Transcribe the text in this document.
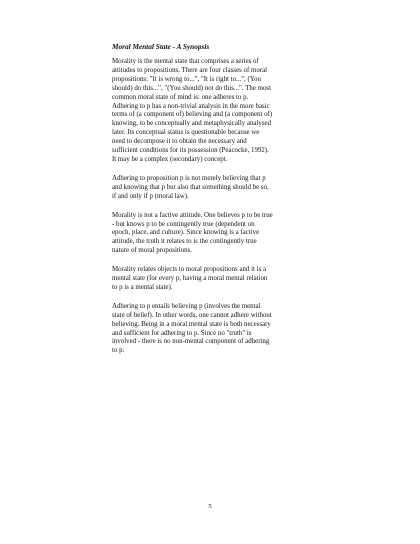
Moral Mental State - A Synopsis

Morality is the mental state that comprises a series of
attitudes to propositions. There are four classes of moral
propositions: "It is wrong to...", "It is right to...", (You
should) do this...", "(You should) not do this...". The most
common moral state of mind is: one adheres to p.
Adhering to p has a non-trivial analysis in the more basic
terms of (a component of) believing and (a component of)
knowing, to be conceptually and metaphysically analysed
later. Its conceptual status is questionable because we
need to decompose it to obtain the necessary and
sufficient conditions for its possession (Peacocke, 1992).
It may be a complex (secondary) concept.

Adhering to proposition p is not merely believing that p
and knowing that p but also that something should be so,
if and only if p (moral law).

Morality is not a factive attitude. One believes p to be true
- but knows p to be contingently true (dependent on
epoch, place, and culture). Since knowing is a factive
attitude, the truth it relates to is the contingently true
nature of moral propositions.

Morality relates objects to moral propositions and it is a
mental state (for every p, having a moral mental relation
to p is a mental state).

Adhering to p entails believing p (involves the mental
state of belief). In other words, one cannot adhere without
believing. Being in a moral mental state is both necessary
and sufficient for adhering to p. Since no "truth" is
involved - there is no non-mental component of adhering
to p.

5
